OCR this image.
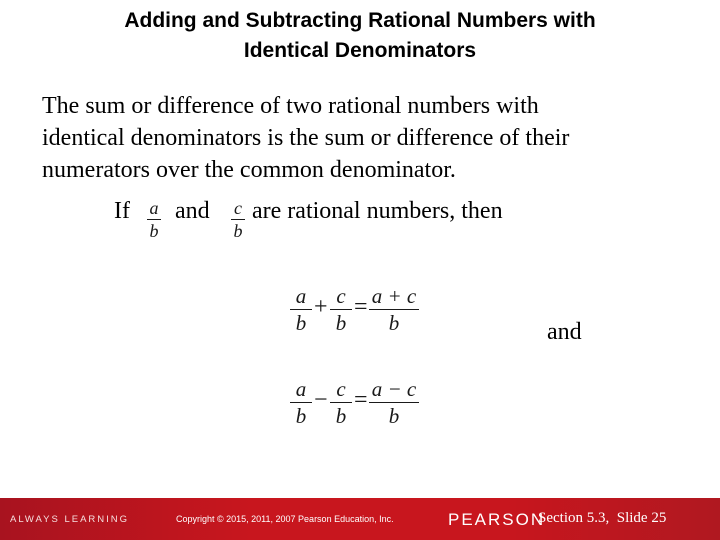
Adding and Subtracting Rational Numbers with
Identical Denominators
The sum or difference of two rational numbers with
identical denominators is the sum or difference of their
numerators over the common denominator.
If a
b
and c
b
are rational numbers, then
a
b
+ c
b
= a + c
b	and
a
b
− c
b
= a − c
b
ALWAYS LEARNING	Copyright © 2015, 2011, 2007 Pearson Education, Inc.	PEARSON
Section 5.3,  Slide 25
